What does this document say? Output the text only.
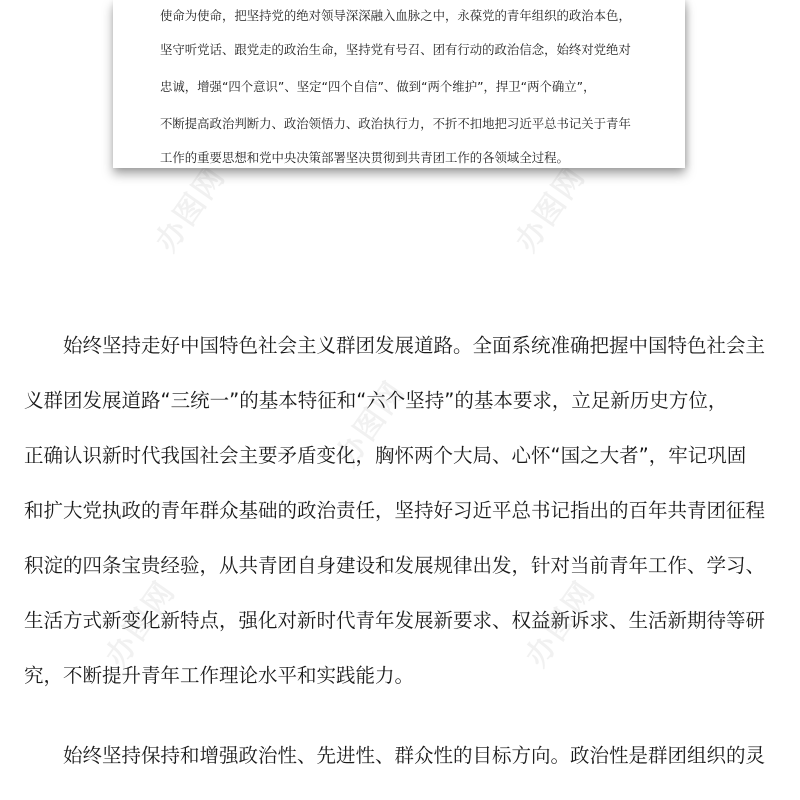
办图网	办图网
办图网
办图网	办图网

使命为使命，把坚持党的绝对领导深深融入血脉之中，永葆党的青年组织的政治本色，

坚守听党话、跟党走的政治生命，坚持党有号召、团有行动的政治信念，始终对党绝对

忠诚，增强“四个意识”、坚定“四个自信”、做到“两个维护”，捍卫“两个确立”，

不断提高政治判断力、政治领悟力、政治执行力，不折不扣地把习近平总书记关于青年

工作的重要思想和党中央决策部署坚决贯彻到共青团工作的各领域全过程。

始终坚持走好中国特色社会主义群团发展道路。全面系统准确把握中国特色社会主

义群团发展道路“三统一”的基本特征和“六个坚持”的基本要求，立足新历史方位，

正确认识新时代我国社会主要矛盾变化，胸怀两个大局、心怀“国之大者”，牢记巩固

和扩大党执政的青年群众基础的政治责任，坚持好习近平总书记指出的百年共青团征程

积淀的四条宝贵经验，从共青团自身建设和发展规律出发，针对当前青年工作、学习、

生活方式新变化新特点，强化对新时代青年发展新要求、权益新诉求、生活新期待等研

究，不断提升青年工作理论水平和实践能力。

始终坚持保持和增强政治性、先进性、群众性的目标方向。政治性是群团组织的灵
